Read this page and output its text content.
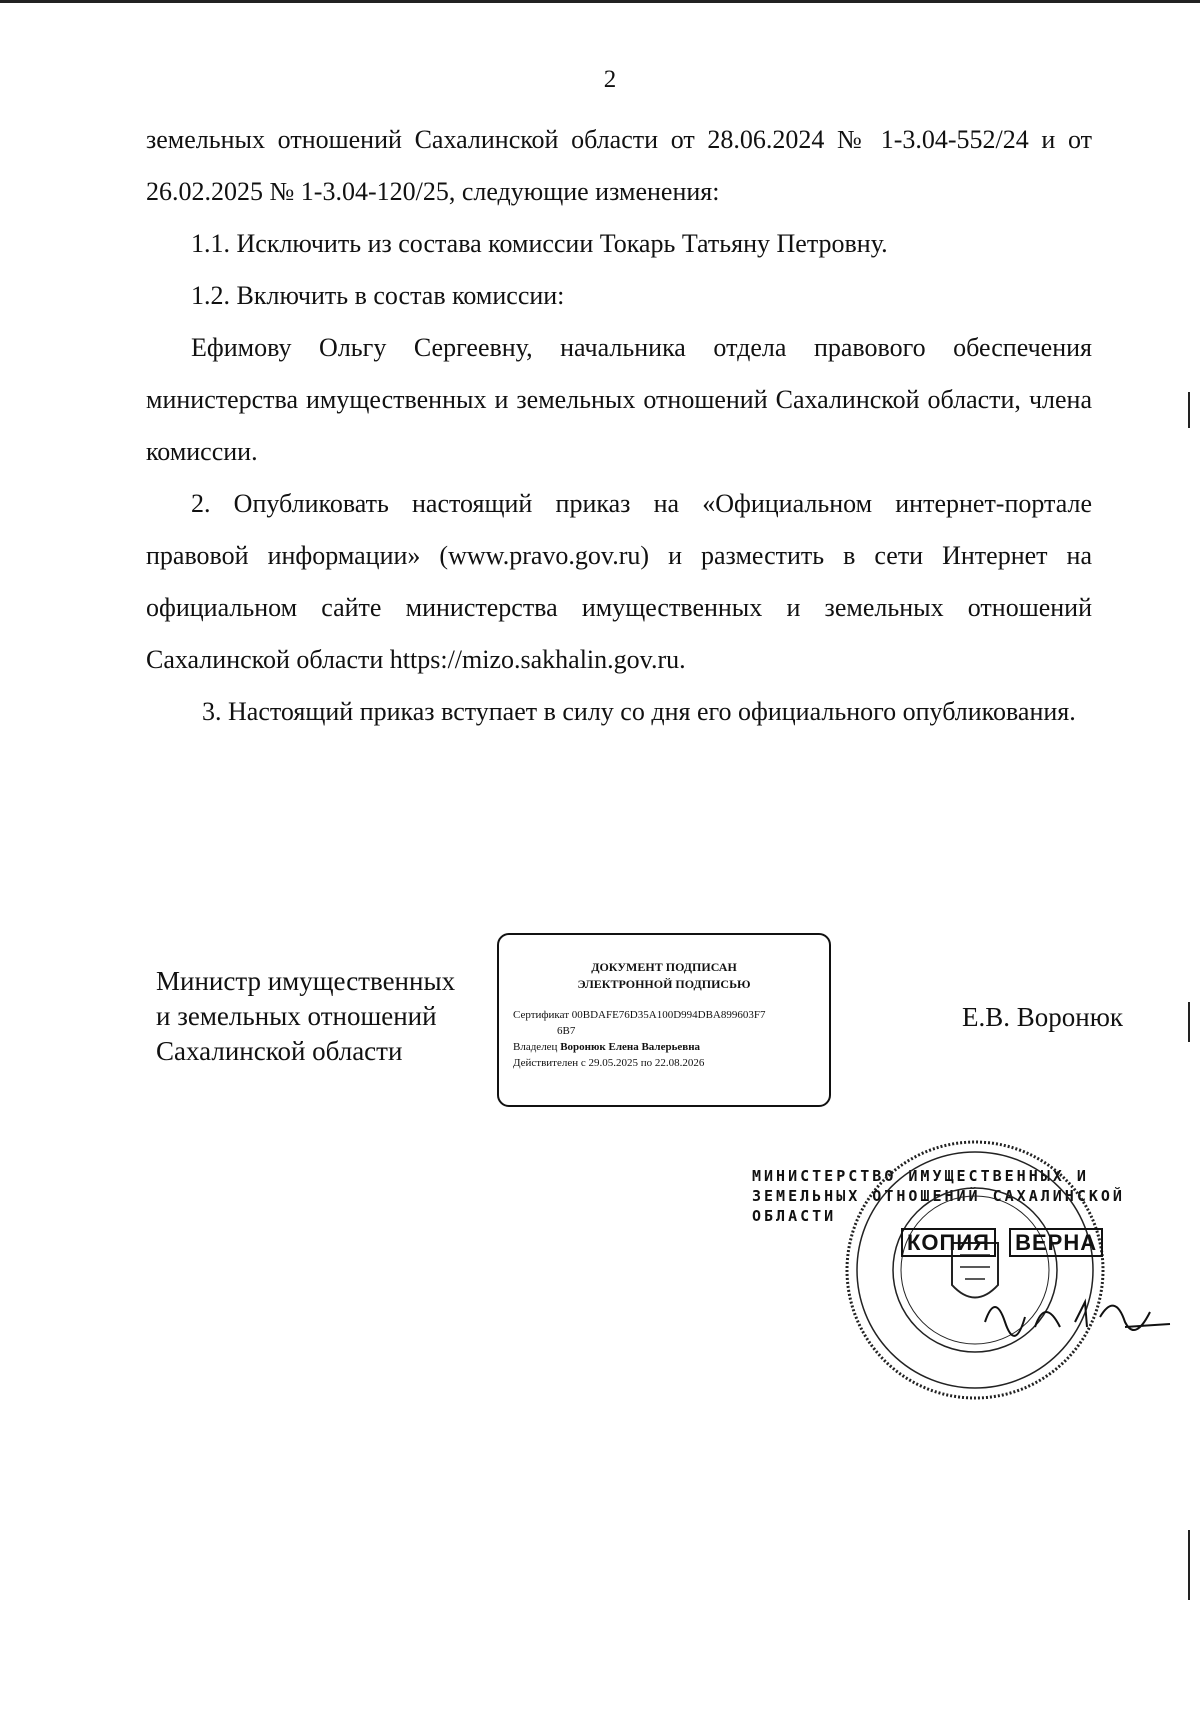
2

земельных отношений Сахалинской области от 28.06.2024 № 1-3.04-552/24 и от 26.02.2025 № 1-3.04-120/25, следующие изменения:

1.1. Исключить из состава комиссии Токарь Татьяну Петровну.

1.2. Включить в состав комиссии:

Ефимову Ольгу Сергеевну, начальника отдела правового обеспечения министерства имущественных и земельных отношений Сахалинской области, члена комиссии.

2. Опубликовать настоящий приказ на «Официальном интернет-портале правовой информации» (www.pravo.gov.ru) и разместить в сети Интернет на официальном сайте министерства имущественных и земельных отношений Сахалинской области https://mizo.sakhalin.gov.ru.

3. Настоящий приказ вступает в силу со дня его официального опубликования.

Министр имущественных
и земельных отношений
Сахалинской области
Е.В. Воронюк
ДОКУМЕНТ ПОДПИСАН
ЭЛЕКТРОННОЙ ПОДПИСЬЮ
Сертификат 00BDAFE76D35A100D994DBA899603F7
6B7
Владелец Воронюк Елена Валерьевна
Действителен с 29.05.2025 по 22.08.2026
МИНИСТЕРСТВО ИМУЩЕСТВЕННЫХ И
ЗЕМЕЛЬНЫХ ОТНОШЕНИЙ САХАЛИНСКОЙ
ОБЛАСТИ
КОПИЯ ВЕРНА
